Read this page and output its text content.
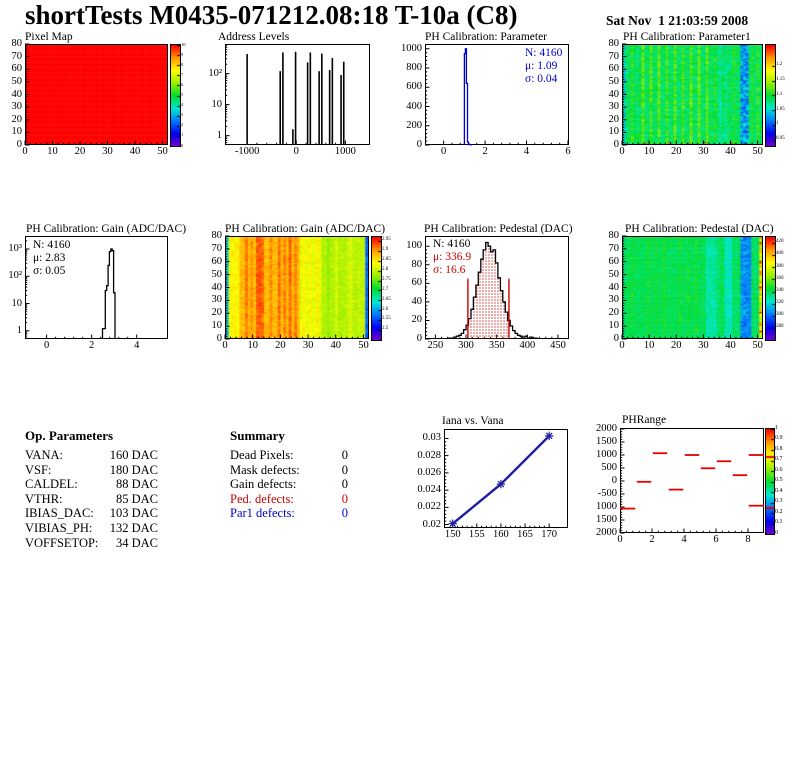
shortTests M0435-071212.08:18 T-10a (C8)	Sat Nov  1 21:03:59 2008
Pixel Map
0	10	20	30	40	50
0
10
20
30
40
50
60
70
80	10
9
8
7
6
5
4
3
2
1
0
Address Levels
-1000	0	1000
10²
10
1
PH Calibration: Parameter
0	2	4	6
0
200
400
600
800
1000	N: 4160
μ: 1.09
σ: 0.04
PH Calibration: Parameter1
0	10	20	30	40	50
0
10
20
30
40
50
60
70
80
1.2
1.15
1.1
1.05
1
0.95
PH Calibration: Gain (ADC/DAC)
0	2	4
10³
10²
10
1
N: 4160
μ: 2.83
σ: 0.05
PH Calibration: Gain (ADC/DAC)
0	10	20	30	40	50
0
10
20
30
40
50
60
70
80	2.95
2.9
2.85
2.8
2.75
2.7
2.65
2.6
2.55
2.5
PH Calibration: Pedestal (DAC)
250	300	350	400	450
0
20
40
60
80
100 N: 4160
μ: 336.9
σ: 16.6
PH Calibration: Pedestal (DAC)
0	10	20	30	40	50
0
10
20
30
40
50
60
70
80
420
400
380
360
340
320
300
280
Iana vs. Vana
150 155 160 165 170
0.02
0.022
0.024
0.026
0.028
0.03
PHRange
0	2	4	6	8
2000
1500
1000
500
0
-500
1000
1500
2000
1
0.9
0.8
0.7
0.6
0.5
0.4
0.3
0.2
0.1
0
Op. Parameters
VANA:	160 DAC
VSF:	180 DAC
CALDEL:	88 DAC
VTHR:	85 DAC
IBIAS_DAC: 103 DAC
VIBIAS_PH: 132 DAC
VOFFSETOP: 34 DAC
Summary
Dead Pixels:	0
Mask defects:	0
Gain defects:	0
Ped. defects:	0
Par1 defects:	0
